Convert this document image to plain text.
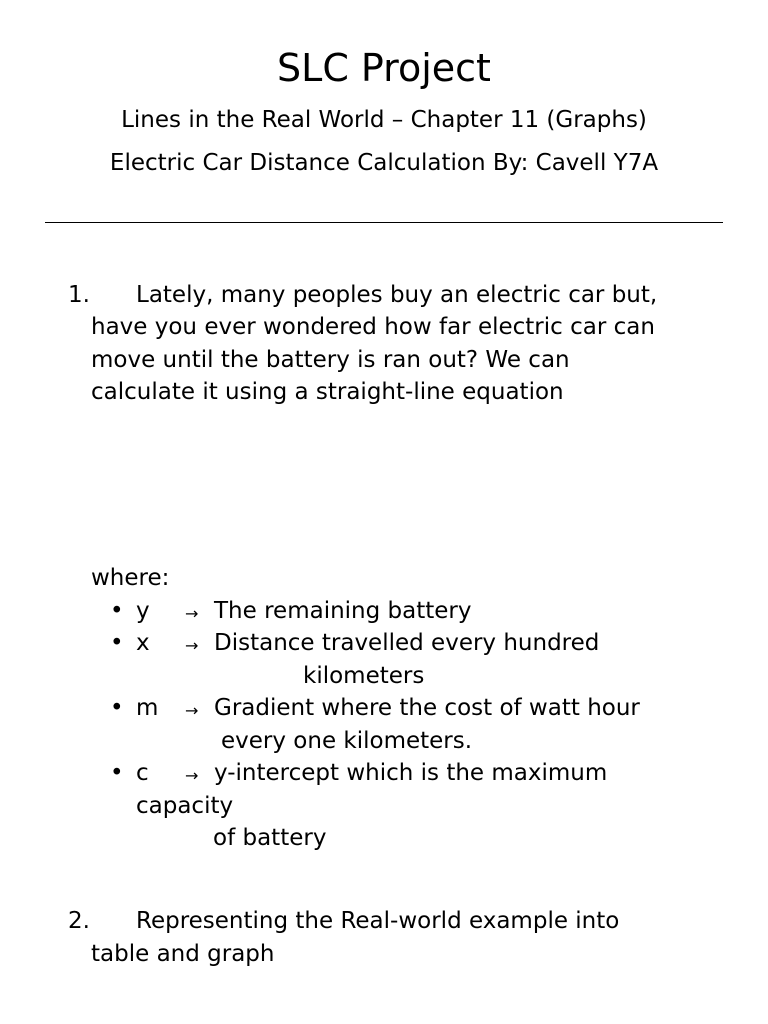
SLC Project
Lines in the Real World – Chapter 11 (Graphs)
Electric Car Distance Calculation By: Cavell Y7A
1. Lately, many peoples buy an electric car but,
have you ever wondered how far electric car can
move until the battery is ran out? We can
calculate it using a straight-line equation
where:
• y → The remaining battery
• x → Distance travelled every hundred
kilometers
• m → Gradient where the cost of watt hour
every one kilometers.
• c → y-intercept which is the maximum
capacity
of battery
2. Representing the Real-world example into
table and graph
